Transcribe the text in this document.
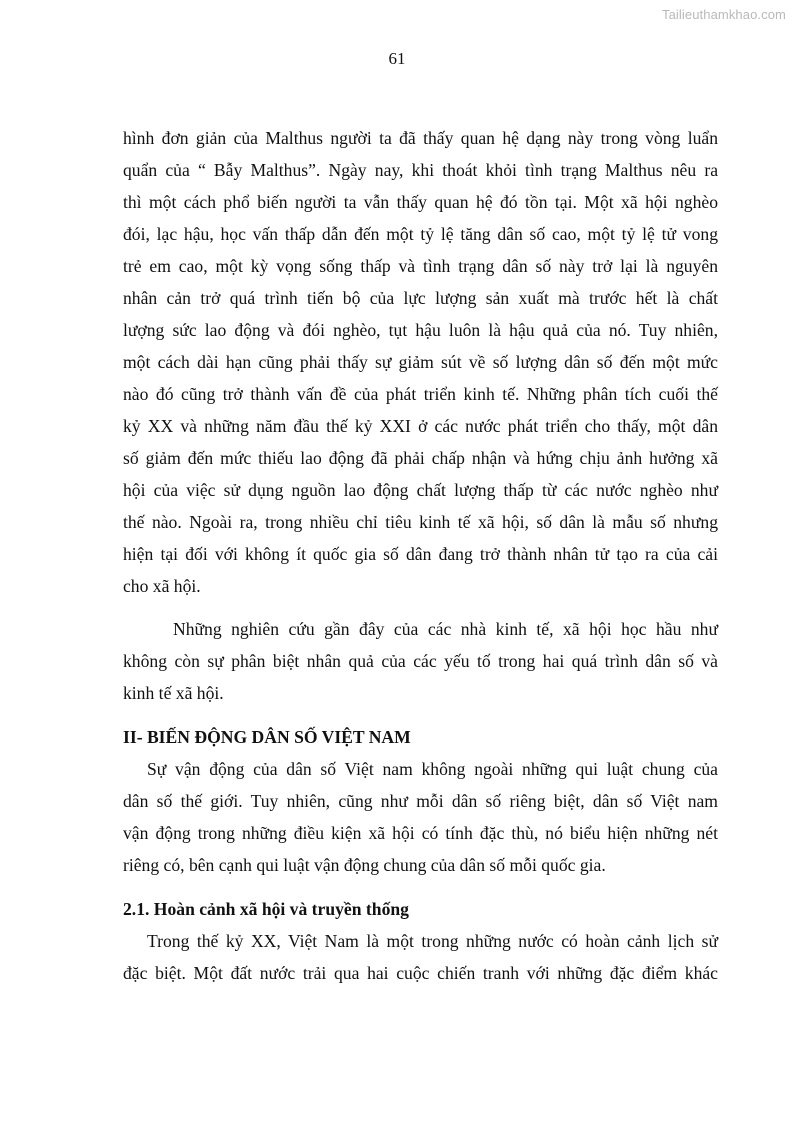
Tailieuthamkhao.com
61

hình đơn giản của Malthus người ta đã thấy quan hệ dạng này trong vòng luẩn
quẩn của “ Bẫy Malthus”. Ngày nay, khi thoát khỏi tình trạng Malthus nêu ra
thì một cách phổ biến người ta vẫn thấy quan hệ đó tồn tại. Một xã hội nghèo
đói, lạc hậu, học vấn thấp dẫn đến một tỷ lệ tăng dân số cao, một tỷ lệ tử vong
trẻ em cao, một kỳ vọng sống thấp và tình trạng dân số này trở lại là nguyên
nhân cản trở quá trình tiến bộ của lực lượng sản xuất mà trước hết là chất
lượng sức lao động và đói nghèo, tụt hậu luôn là hậu quả của nó. Tuy nhiên,
một cách dài hạn cũng phải thấy sự giảm sút về số lượng dân số đến một mức
nào đó cũng trở thành vấn đề của phát triển kinh tế. Những phân tích cuối thế
kỷ XX và những năm đầu thế kỷ XXI ở các nước phát triển cho thấy, một dân
số giảm đến mức thiếu lao động đã phải chấp nhận và hứng chịu ảnh hưởng xã
hội của việc sử dụng nguồn lao động chất lượng thấp từ các nước nghèo như
thế nào. Ngoài ra, trong nhiều chỉ tiêu kinh tế xã hội, số dân là mẫu số nhưng
hiện tại đối với không ít quốc gia số dân đang trở thành nhân tử tạo ra của cải
cho xã hội.

Những nghiên cứu gần đây của các nhà kinh tế, xã hội học hầu như
không còn sự phân biệt nhân quả của các yếu tố trong hai quá trình dân số và
kinh tế xã hội.

II- BIẾN ĐỘNG DÂN SỐ VIỆT NAM

Sự vận động của dân số Việt nam không ngoài những qui luật chung của
dân số thế giới. Tuy nhiên, cũng như mỗi dân số riêng biệt, dân số Việt nam
vận động trong những điều kiện xã hội có tính đặc thù, nó biểu hiện những nét
riêng có, bên cạnh qui luật vận động chung của dân số mỗi quốc gia.

2.1. Hoàn cảnh xã hội và truyền thống

Trong thế kỷ XX, Việt Nam là một trong những nước có hoàn cảnh lịch sử
đặc biệt. Một đất nước trải qua hai cuộc chiến tranh với những đặc điểm khác
